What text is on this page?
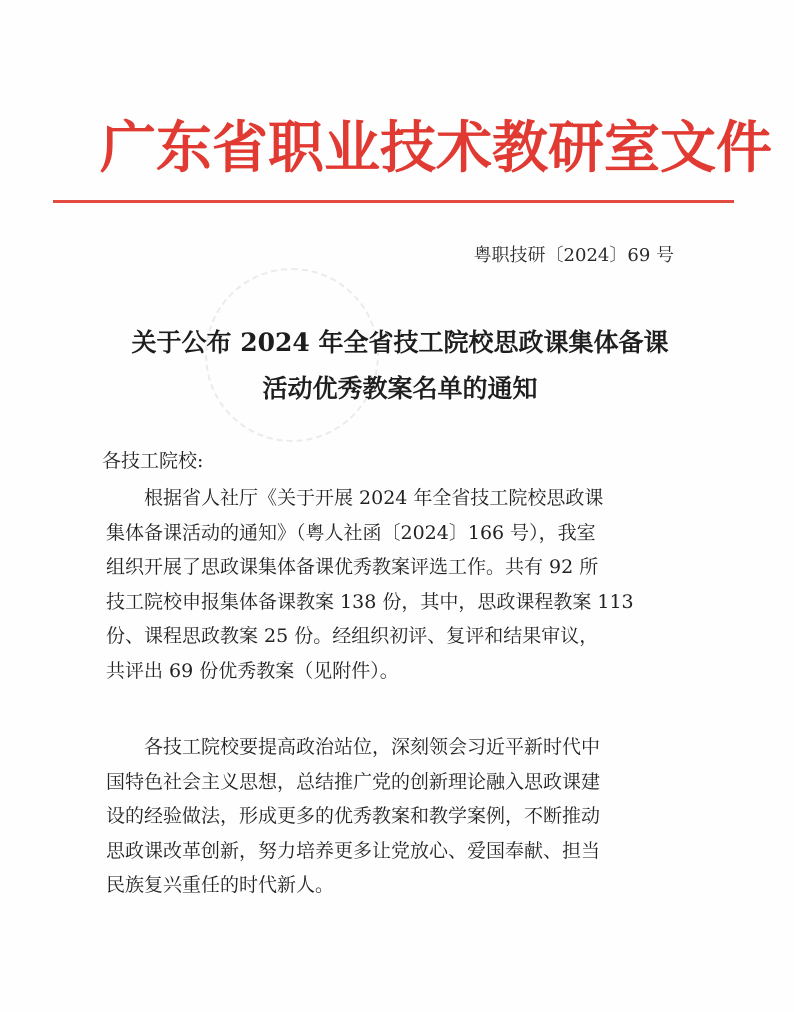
广东省职业技术教研室文件
粤职技研〔2024〕69 号
关于公布 2024 年全省技工院校思政课集体备课
活动优秀教案名单的通知
各技工院校:
根据省人社厅《关于开展 2024 年全省技工院校思政课
集体备课活动的通知》（粤人社函〔2024〕166 号），我室
组织开展了思政课集体备课优秀教案评选工作。共有 92 所
技工院校申报集体备课教案 138 份，其中，思政课程教案 113
份、课程思政教案 25 份。经组织初评、复评和结果审议，
共评出 69 份优秀教案（见附件）。
各技工院校要提高政治站位，深刻领会习近平新时代中
国特色社会主义思想，总结推广党的创新理论融入思政课建
设的经验做法，形成更多的优秀教案和教学案例，不断推动
思政课改革创新，努力培养更多让党放心、爱国奉献、担当
民族复兴重任的时代新人。
